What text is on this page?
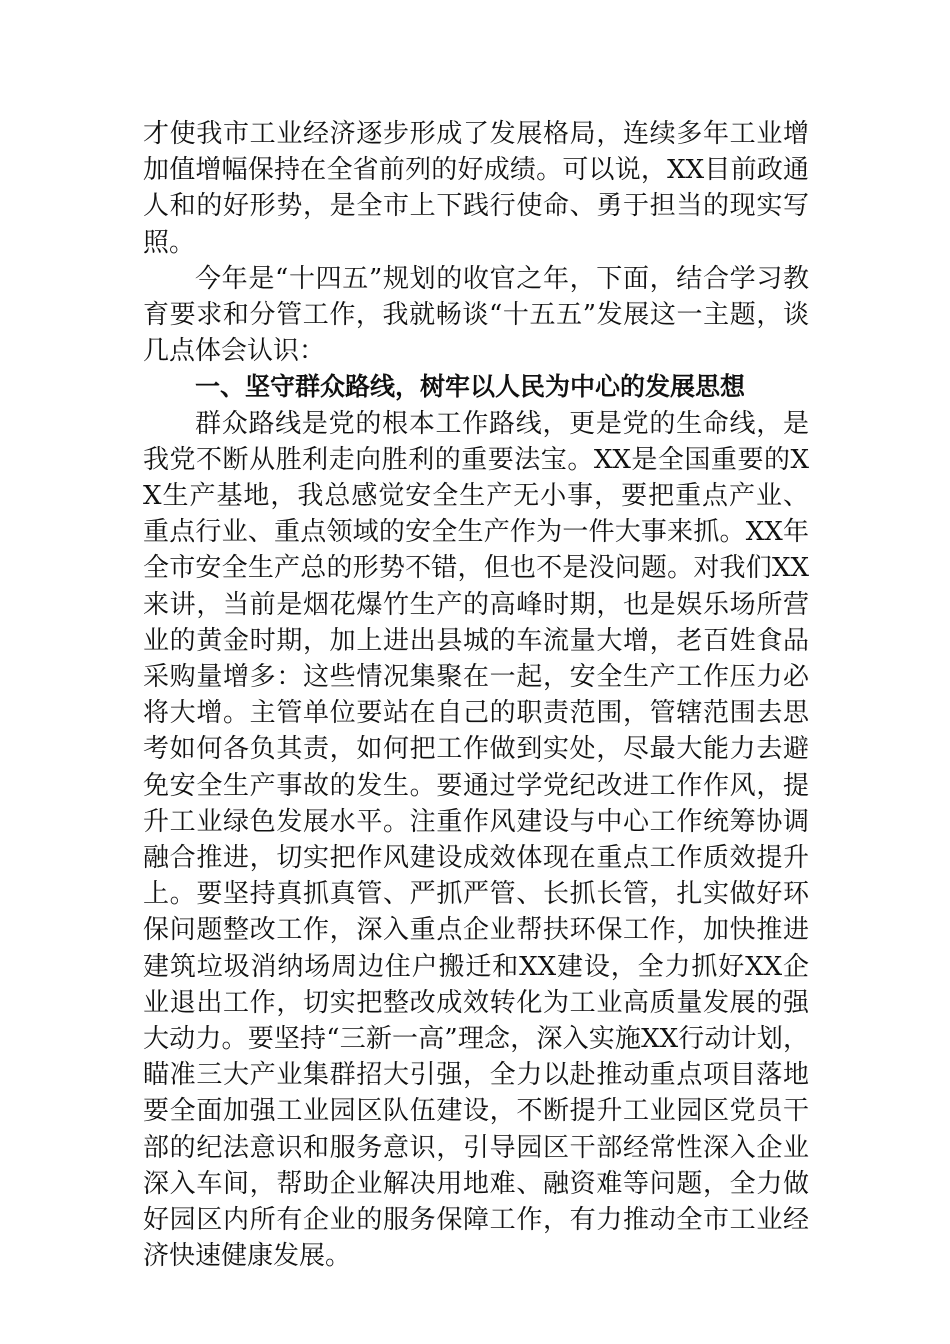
才使我市工业经济逐步形成了发展格局，连续多年工业增加值增幅保持在全省前列的好成绩。可以说，XX目前政通人和的好形势，是全市上下践行使命、勇于担当的现实写照。

今年是“十四五”规划的收官之年，下面，结合学习教育要求和分管工作，我就畅谈“十五五”发展这一主题，谈几点体会认识：

一、坚守群众路线，树牢以人民为中心的发展思想

群众路线是党的根本工作路线，更是党的生命线，是我党不断从胜利走向胜利的重要法宝。XX是全国重要的XX生产基地，我总感觉安全生产无小事，要把重点产业、重点行业、重点领域的安全生产作为一件大事来抓。XX年全市安全生产总的形势不错，但也不是没问题。对我们XX来讲，当前是烟花爆竹生产的高峰时期，也是娱乐场所营业的黄金时期，加上进出县城的车流量大增，老百姓食品采购量增多：这些情况集聚在一起，安全生产工作压力必将大增。主管单位要站在自己的职责范围，管辖范围去思考如何各负其责，如何把工作做到实处，尽最大能力去避免安全生产事故的发生。要通过学党纪改进工作作风，提升工业绿色发展水平。注重作风建设与中心工作统筹协调融合推进，切实把作风建设成效体现在重点工作质效提升上。要坚持真抓真管、严抓严管、长抓长管，扎实做好环保问题整改工作，深入重点企业帮扶环保工作，加快推进建筑垃圾消纳场周边住户搬迁和XX建设，全力抓好XX企业退出工作，切实把整改成效转化为工业高质量发展的强大动力。要坚持“三新一高”理念，深入实施XX行动计划，瞄准三大产业集群招大引强，全力以赴推动重点项目落地要全面加强工业园区队伍建设，不断提升工业园区党员干部的纪法意识和服务意识，引导园区干部经常性深入企业深入车间，帮助企业解决用地难、融资难等问题，全力做好园区内所有企业的服务保障工作，有力推动全市工业经济快速健康发展。
